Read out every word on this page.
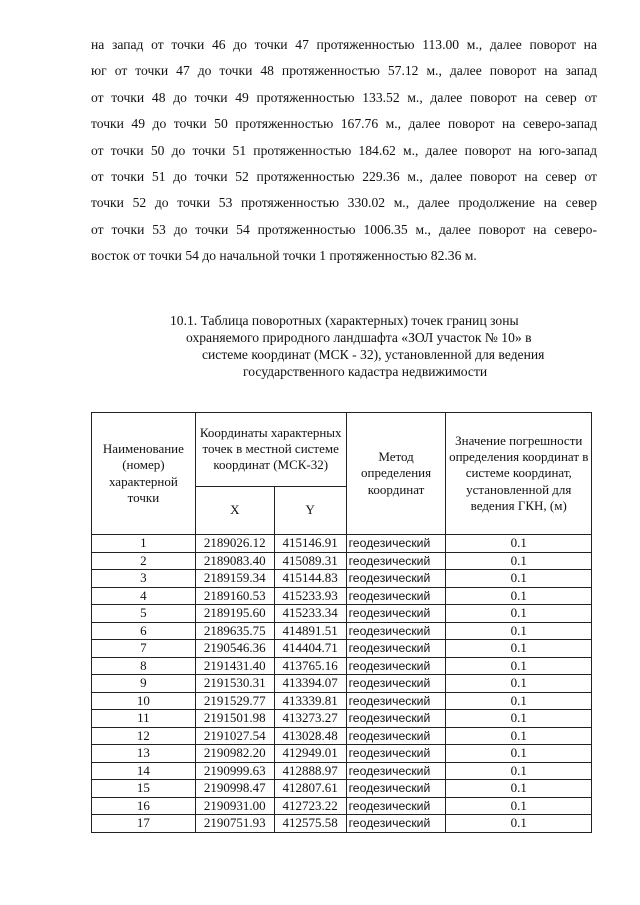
на запад от точки 46 до точки 47 протяженностью 113.00 м., далее поворот на
юг от точки 47 до точки 48 протяженностью 57.12 м., далее поворот на запад
от точки 48 до точки 49 протяженностью 133.52 м., далее поворот на север от
точки 49 до точки 50 протяженностью 167.76 м., далее поворот на северо-запад
от точки 50 до точки 51 протяженностью 184.62 м., далее поворот на юго-запад
от точки 51 до точки 52 протяженностью 229.36 м., далее поворот на север от
точки 52 до точки 53 протяженностью 330.02 м., далее продолжение на север
от точки 53 до точки 54 протяженностью 1006.35 м., далее поворот на северо-
восток от точки 54 до начальной точки 1 протяженностью 82.36 м.
10.1. Таблица поворотных (характерных) точек границ зоны
охраняемого природного ландшафта «ЗОЛ участок № 10» в
системе координат (МСК - 32), установленной для ведения
государственного кадастра недвижимости
Наименование (номер) характерной точки	Координаты характерных точек в местной системе координат (МСК-32)		Метод определения координат	Значение погрешности определения координат в системе координат, установленной для ведения ГКН, (м)
	X	Y		
1	2189026.12	415146.91	геодезический	0.1
2	2189083.40	415089.31	геодезический	0.1
3	2189159.34	415144.83	геодезический	0.1
4	2189160.53	415233.93	геодезический	0.1
5	2189195.60	415233.34	геодезический	0.1
6	2189635.75	414891.51	геодезический	0.1
7	2190546.36	414404.71	геодезический	0.1
8	2191431.40	413765.16	геодезический	0.1
9	2191530.31	413394.07	геодезический	0.1
10	2191529.77	413339.81	геодезический	0.1
11	2191501.98	413273.27	геодезический	0.1
12	2191027.54	413028.48	геодезический	0.1
13	2190982.20	412949.01	геодезический	0.1
14	2190999.63	412888.97	геодезический	0.1
15	2190998.47	412807.61	геодезический	0.1
16	2190931.00	412723.22	геодезический	0.1
17	2190751.93	412575.58	геодезический	0.1
